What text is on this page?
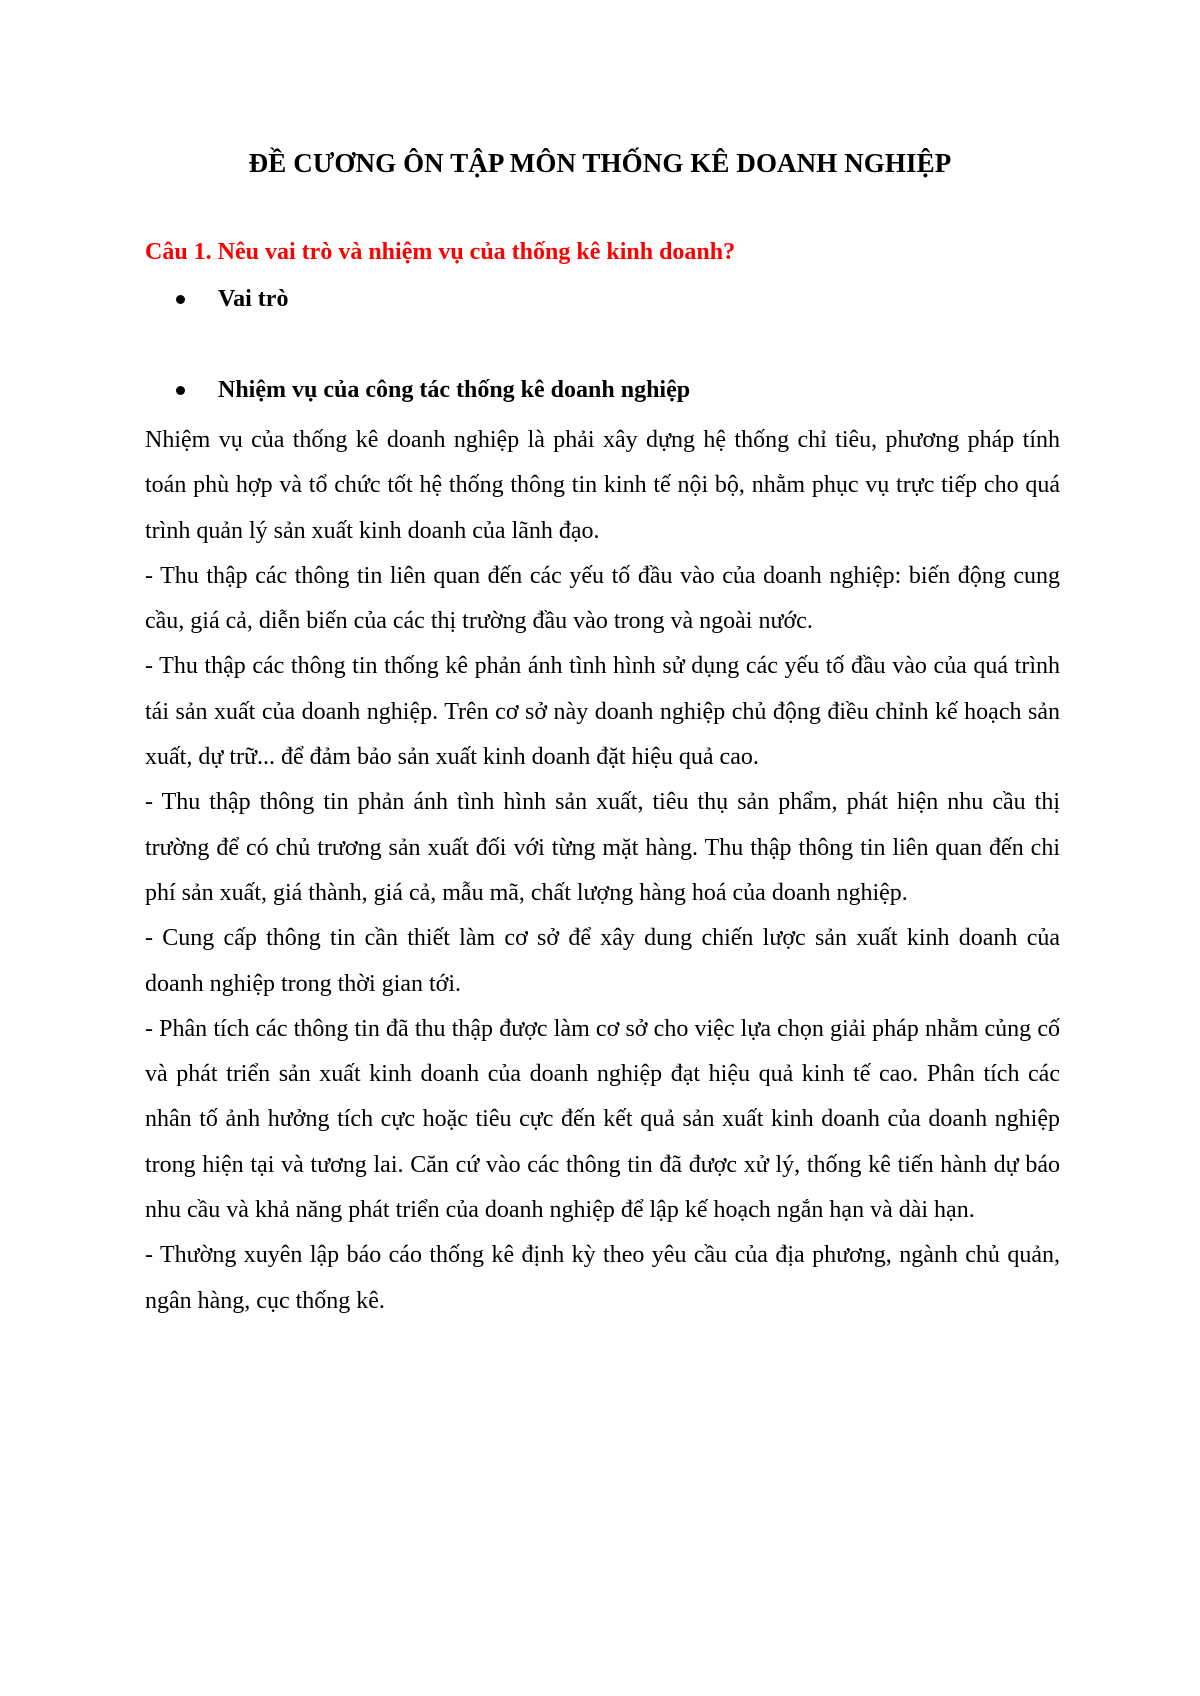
ĐỀ CƯƠNG ÔN TẬP MÔN THỐNG KÊ DOANH NGHIỆP

Câu 1. Nêu vai trò và nhiệm vụ của thống kê kinh doanh?

Vai trò
Nhiệm vụ của công tác thống kê doanh nghiệp

Nhiệm vụ của thống kê doanh nghiệp là phải xây dựng hệ thống chỉ tiêu, phương pháp tính toán phù hợp và tổ chức tốt hệ thống thông tin kinh tế nội bộ, nhằm phục vụ trực tiếp cho quá trình quản lý sản xuất kinh doanh của lãnh đạo.

- Thu thập các thông tin liên quan đến các yếu tố đầu vào của doanh nghiệp: biến động cung cầu, giá cả, diễn biến của các thị trường đầu vào trong và ngoài nước.

- Thu thập các thông tin thống kê phản ánh tình hình sử dụng các yếu tố đầu vào của quá trình tái sản xuất của doanh nghiệp. Trên cơ sở này doanh nghiệp chủ động điều chỉnh kế hoạch sản xuất, dự trữ... để đảm bảo sản xuất kinh doanh đặt hiệu quả cao.

- Thu thập thông tin phản ánh tình hình sản xuất, tiêu thụ sản phẩm, phát hiện nhu cầu thị trường để có chủ trương sản xuất đối với từng mặt hàng. Thu thập thông tin liên quan đến chi phí sản xuất, giá thành, giá cả, mẫu mã, chất lượng hàng hoá của doanh nghiệp.

- Cung cấp thông tin cần thiết làm cơ sở để xây dung chiến lược sản xuất kinh doanh của doanh nghiệp trong thời gian tới.

- Phân tích các thông tin đã thu thập được làm cơ sở cho việc lựa chọn giải pháp nhằm củng cố và phát triển sản xuất kinh doanh của doanh nghiệp đạt hiệu quả kinh tế cao. Phân tích các nhân tố ảnh hưởng tích cực hoặc tiêu cực đến kết quả sản xuất kinh doanh của doanh nghiệp trong hiện tại và tương lai. Căn cứ vào các thông tin đã được xử lý, thống kê tiến hành dự báo nhu cầu và khả năng phát triển của doanh nghiệp để lập kế hoạch ngắn hạn và dài hạn.

- Thường xuyên lập báo cáo thống kê định kỳ theo yêu cầu của địa phương, ngành chủ quản, ngân hàng, cục thống kê.
